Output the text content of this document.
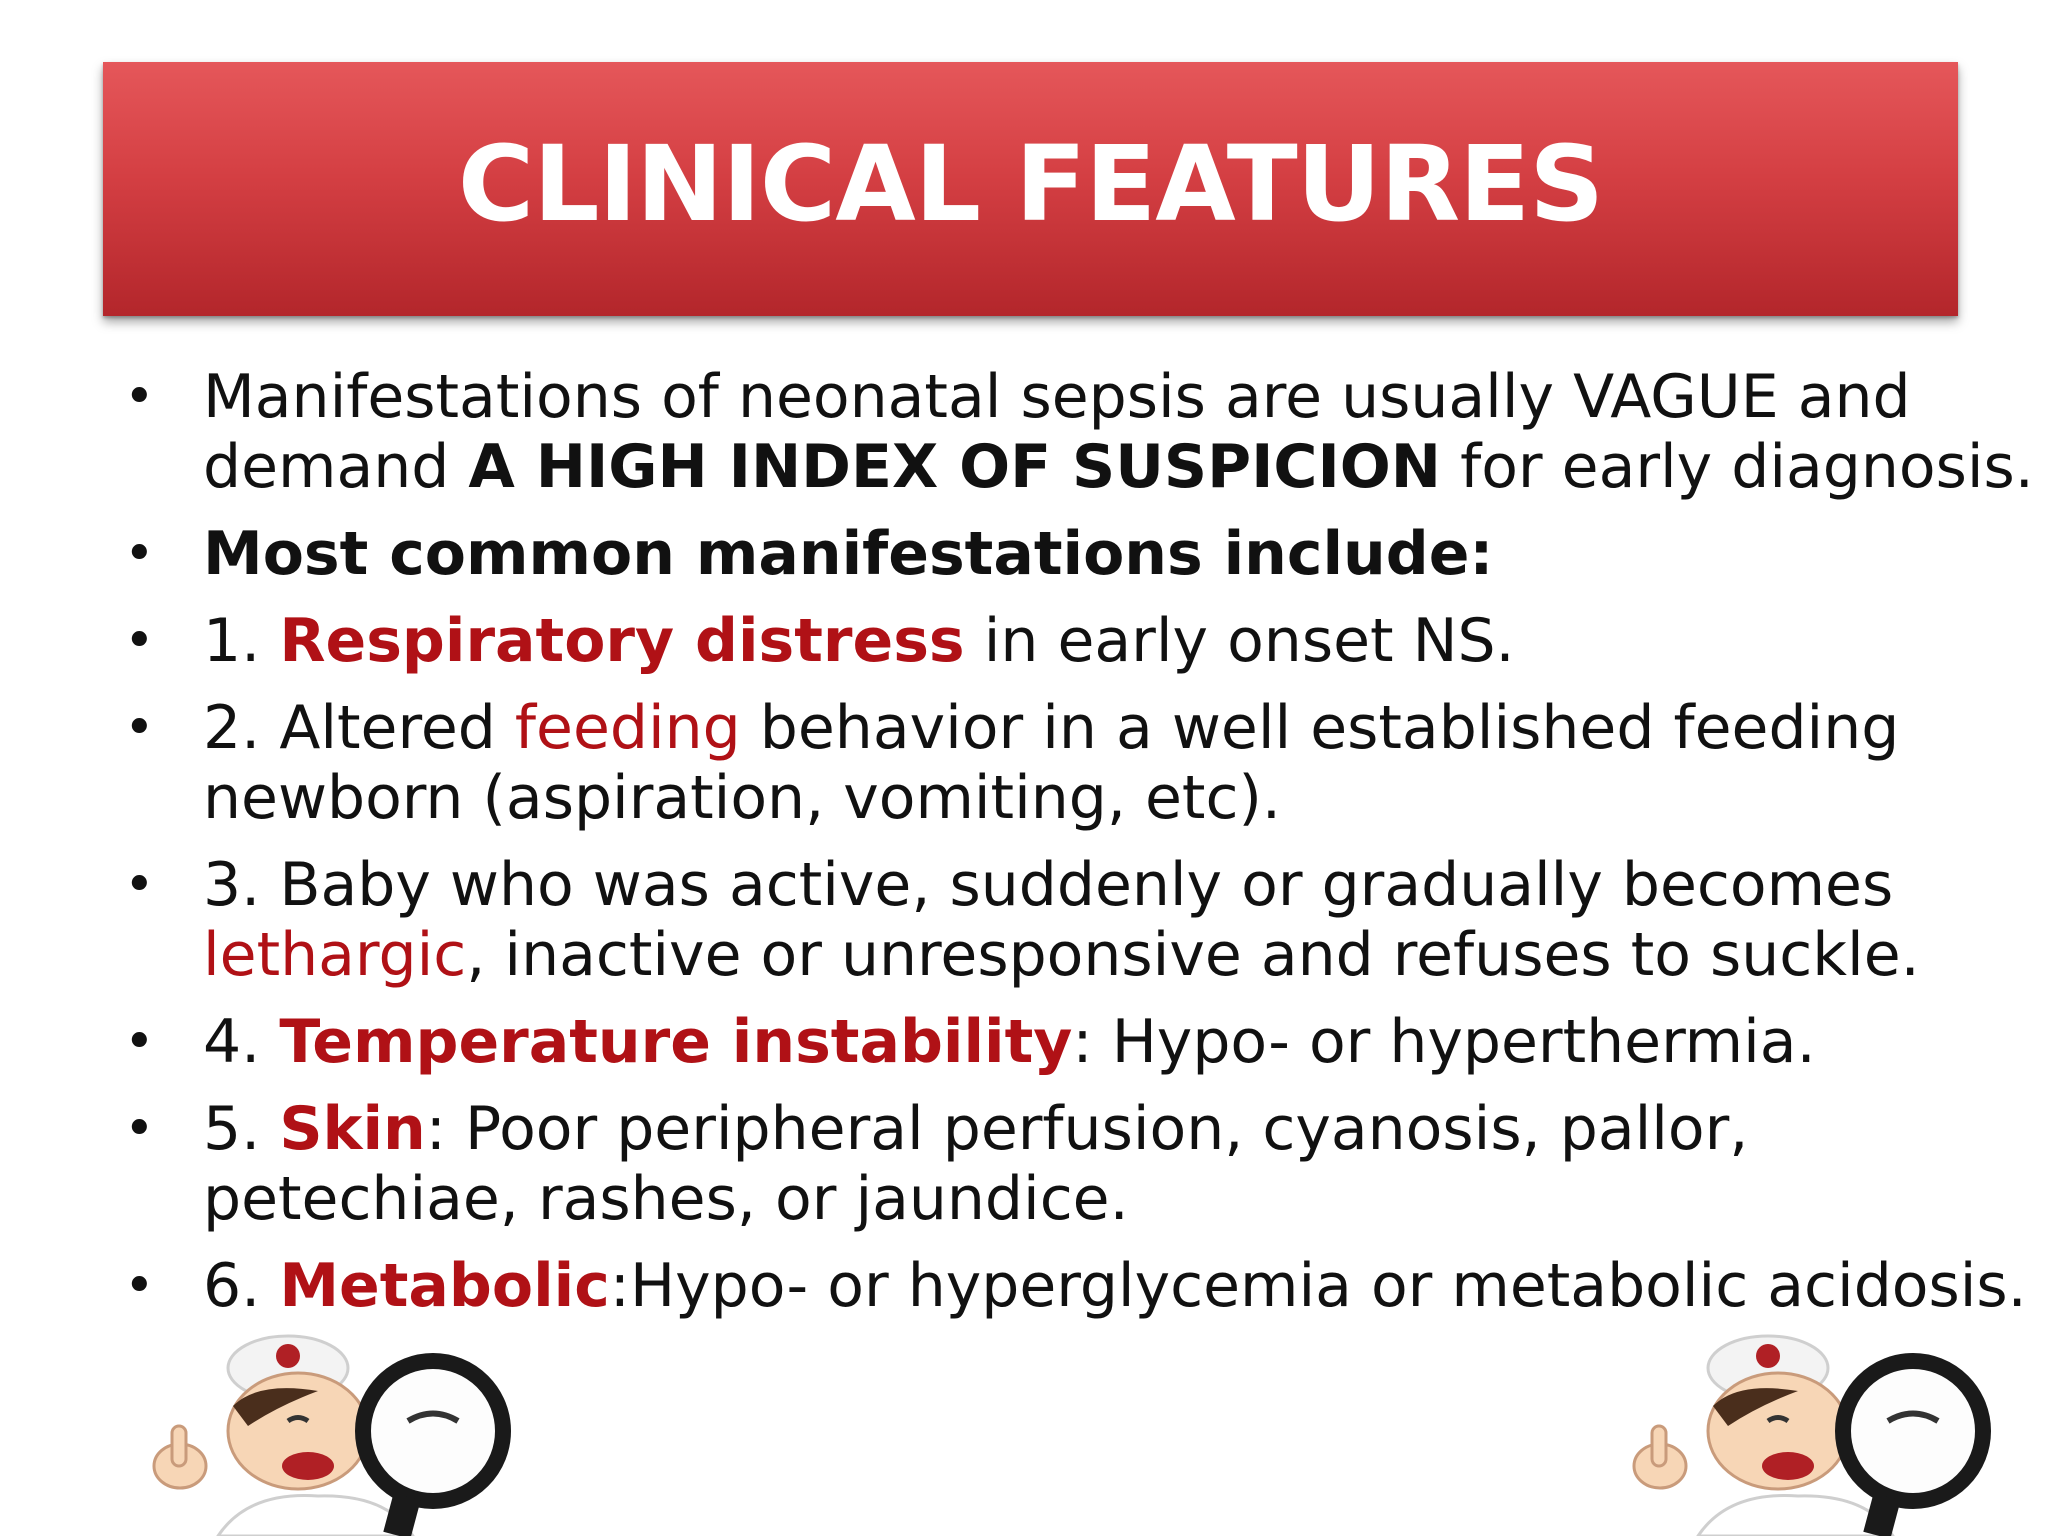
CLINICAL FEATURES
• Manifestations of neonatal sepsis are usually VAGUE and
demand A HIGH INDEX OF SUSPICION for early diagnosis.
• Most common manifestations include:
• 1. Respiratory distress in early onset NS.
• 2. Altered feeding behavior in a well established feeding
newborn (aspiration, vomiting, etc).
• 3. Baby who was active, suddenly or gradually becomes
lethargic, inactive or unresponsive and refuses to suckle.
• 4. Temperature instability: Hypo- or hyperthermia.
• 5. Skin: Poor peripheral perfusion, cyanosis, pallor,
petechiae, rashes, or jaundice.
• 6. Metabolic:Hypo- or hyperglycemia or metabolic acidosis.
